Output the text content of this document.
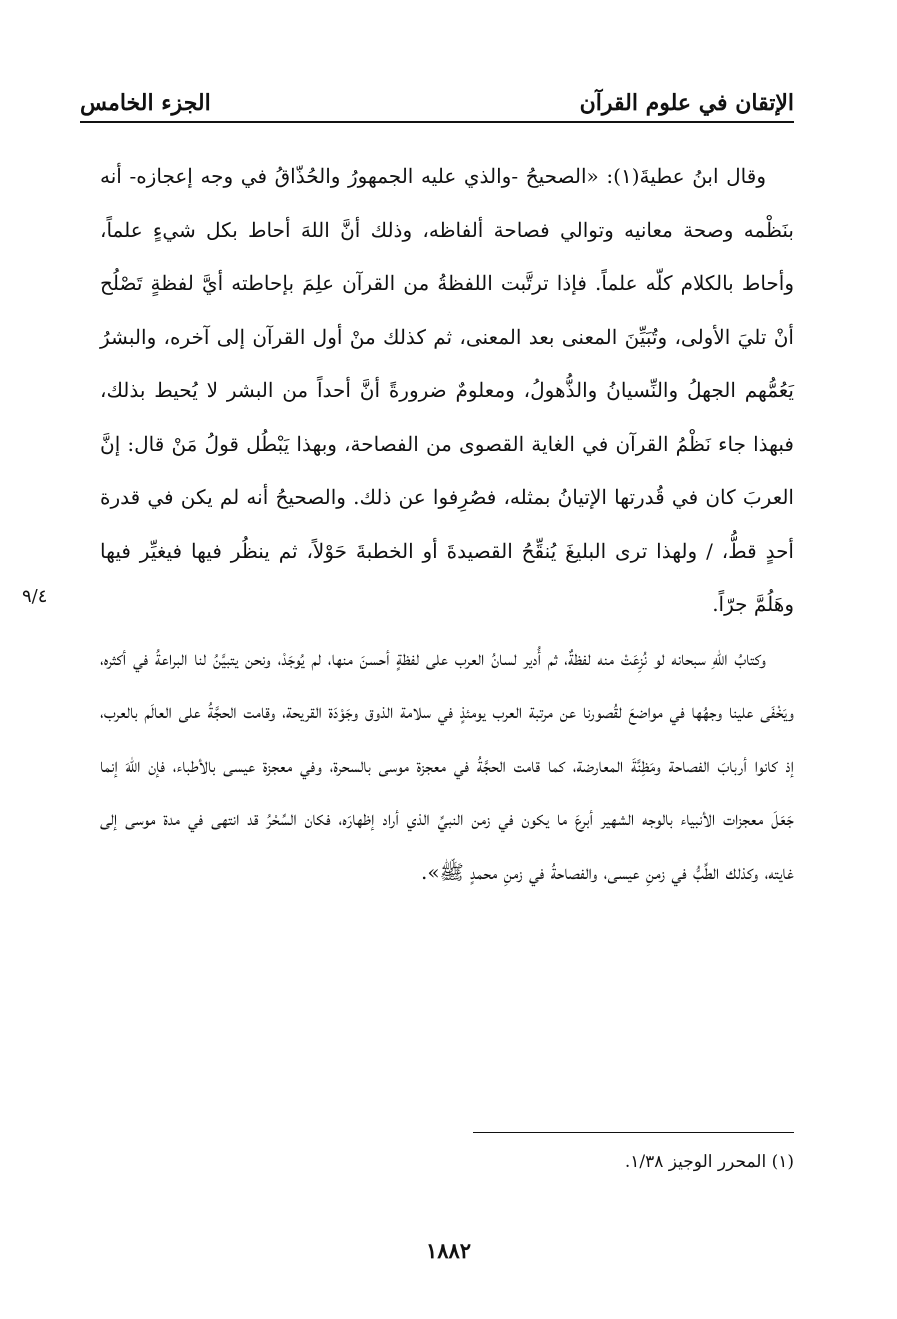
الإتقان في علوم القرآن
الجزء الخامس

وقال ابنُ عطيةَ(١): «الصحيحُ -والذي عليه الجمهورُ والحُذّاقُ في وجه إعجازه- أنه بنَظْمه وصحة معانيه وتوالي فصاحة ألفاظه، وذلك أنَّ اللهَ أحاط بكل شيءٍ علماً، وأحاط بالكلام كلّه علماً. فإذا ترتَّبت اللفظةُ من القرآن علِمَ بإحاطته أيَّ لفظةٍ تَصْلُح أنْ تليَ الأولى، وتُبَيِّنَ المعنى بعد المعنى، ثم كذلك منْ أول القرآن إلى آخره، والبشرُ يَعُمُّهم الجهلُ والنِّسيانُ والذُّهولُ، ومعلومٌ ضرورةً أنَّ أحداً من البشر لا يُحيط بذلك، فبهذا جاء نَظْمُ القرآن في الغاية القصوى من الفصاحة، وبهذا يَبْطُل قولُ مَنْ قال: إنَّ العربَ كان في قُدرتها الإتيانُ بمثله، فصُرِفوا عن ذلك. والصحيحُ أنه لم يكن في قدرة أحدٍ قطُّ، / ولهذا ترى البليغَ يُنقِّحُ القصيدةَ أو الخطبةَ حَوْلاً، ثم ينظُر فيها فيغيِّر فيها وهَلُمَّ جرّاً.

وكتابُ اللهِ سبحانه لو نُزِعَتْ منه لفظةٌ، ثم أُدير لسانُ العرب على لفظةٍ أحسنَ منها، لم يُوجَدْ، ونحن يتبيَّنُ لنا البراعةُ في أكثره، ويَخْفَى علينا وجهُها في مواضعَ لقُصورنا عن مرتبة العرب يومئذٍ في سلامة الذوق وجَوْدَة القريحة، وقامت الحجَّةُ على العالَم بالعرب، إذ كانوا أربابَ الفصاحة ومَظِنَّةَ المعارضة، كما قامت الحجَّةُ في معجزة موسى بالسحرة، وفي معجزة عيسى بالأطباء، فإن اللهَ إنما جَعَلَ معجزات الأنبياء بالوجه الشهير أبرعَ ما يكون في زمن النبيِّ الذي أراد إظهارَه، فكان السِّحْرُ قد انتهى في مدة موسى إلى غايته، وكذلك الطِّبُّ في زمنِ عيسى، والفصاحةُ في زمنِ محمدٍ ﷺ».

٩/٤
(١) المحرر الوجيز ١/٣٨.
١٨٨٢
